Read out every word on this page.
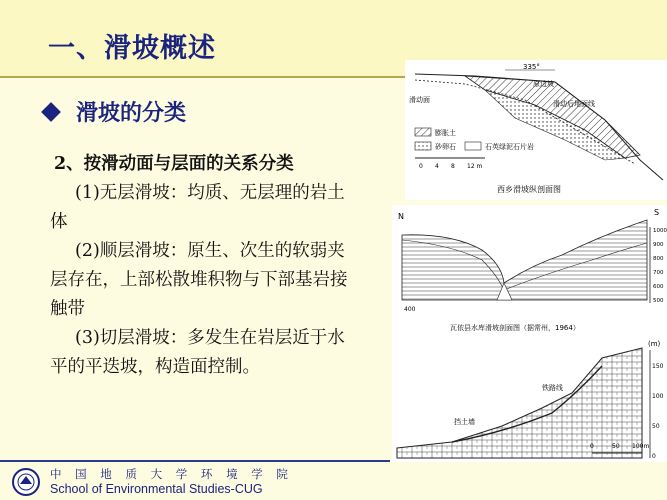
一、滑坡概述
滑坡的分类
2、按滑动面与层面的关系分类
(1)无层滑坡：均质、无层理的岩土体
(2)顺层滑坡：原生、次生的软弱夹层存在，上部松散堆积物与下部基岩接触带
(3)切层滑坡：多发生在岩层近于水平的平迭坡，构造面控制。
335°
原边坡
滑动面	滑动后地面线
膨胀土
砂卵石	石英绿泥石片岩
0 4 8 12 m
西乡滑坡纵剖面图
N	S
1000
900
800
700
600
500
400
瓦依县水库滑坡剖面图（据常州，1964）
(m)
150
100
50
0
铁路线
挡土墙
0	50 100m
中 国 地 质 大 学 环 境 学 院
School of Environmental Studies-CUG
